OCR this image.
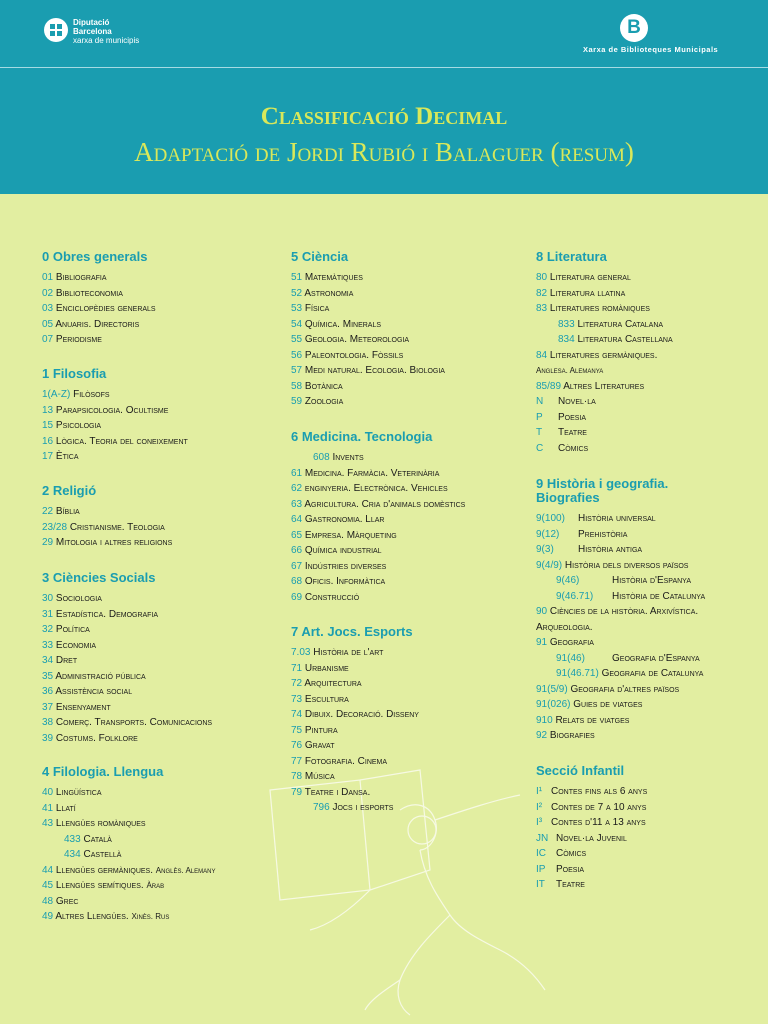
Diputació
Barcelona
xarxa de municipis
B
Xarxa de Biblioteques Municipals
Classificació Decimal
Adaptació de Jordi Rubió i Balaguer (resum)
0 Obres generals
01 Bibliografia
02 Biblioteconomia
03 Enciclopèdies generals
05 Anuaris. Directoris
07 Periodisme
1 Filosofia
1(A-Z) Filòsofs
13 Parapsicologia. Ocultisme
15 Psicologia
16 Lògica. Teoria del coneixement
17 Ètica
2 Religió
22 Bíblia
23/28 Cristianisme. Teologia
29 Mitologia i altres religions
3 Ciències Socials
30 Sociologia
31 Estadística. Demografia
32 Política
33 Economia
34 Dret
35 Administració pública
36 Assistència social
37 Ensenyament
38 Comerç. Transports. Comunicacions
39 Costums. Folklore
4 Filologia. Llengua
40 Lingüística
41 Llatí
43 Llengües romàniques
433 Català
434 Castellà
44 Llengües germàniques. Anglès. Alemany
45 Llengües semítiques. Àrab
48 Grec
49 Altres Llengües. Xinès. Rus
5 Ciència
51 Matemàtiques
52 Astronomia
53 Física
54 Química. Minerals
55 Geologia. Meteorologia
56 Paleontologia. Fòssils
57 Medi natural. Ecologia. Biologia
58 Botànica
59 Zoologia
6 Medicina. Tecnologia
608 Invents
61 Medicina. Farmàcia. Veterinària
62 enginyeria. Electrònica. Vehicles
63 Agricultura. Cria d'animals domèstics
64 Gastronomia. Llar
65 Empresa. Màrqueting
66 Química industrial
67 Indústries diverses
68 Oficis. Informàtica
69 Construcció
7 Art. Jocs. Esports
7.03 Història de l'art
71 Urbanisme
72 Arquitectura
73 Escultura
74 Dibuix. Decoració. Disseny
75 Pintura
76 Gravat
77 Fotografia. Cinema
78 Música
79 Teatre i Dansa.
796 Jocs i esports
8 Literatura
80 Literatura general
82 Literatura llatina
83 Literatures romàniques
833 Literatura Catalana
834 Literatura Castellana
84 Literatures germàniques.
Anglesa. Alemanya
85/89 Altres Literatures
N Novel·la
P Poesia
T Teatre
C Còmics
9 Història i geografia.
Biografies
9(100) Història universal
9(12) Prehistòria
9(3) Història antiga
9(4/9) Història dels diversos països
9(46)	Història d'Espanya
9(46.71) Història de Catalunya
90 Ciències de la història. Arxivística.
Arqueologia.
91 Geografia
91(46)	Geografia d'Espanya
91(46.71) Geografia de Catalunya
91(5/9) Geografia d'altres països
91(026) Guies de viatges
910 Relats de viatges
92 Biografies
Secció Infantil
I¹ Contes fins als 6 anys
I² Contes de 7 a 10 anys
I³ Contes d'11 a 13 anys
JN Novel·la Juvenil
IC Còmics
IP Poesia
IT Teatre
